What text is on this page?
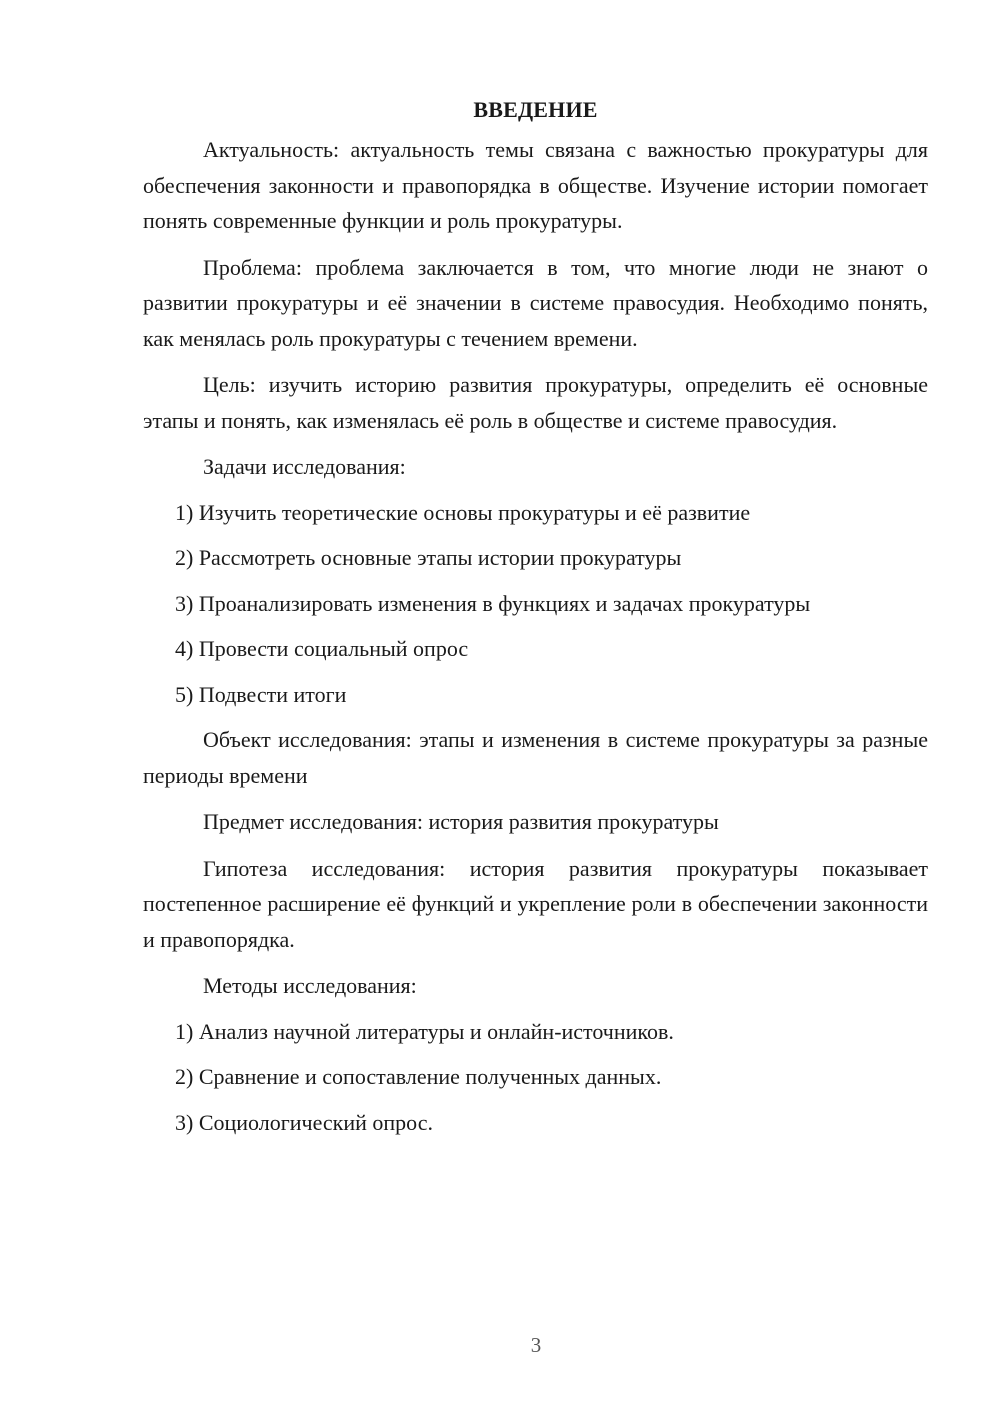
ВВЕДЕНИЕ

Актуальность: актуальность темы связана с важностью прокуратуры для обеспечения законности и правопорядка в обществе. Изучение истории помогает понять современные функции и роль прокуратуры.

Проблема: проблема заключается в том, что многие люди не знают о развитии прокуратуры и её значении в системе правосудия. Необходимо понять, как менялась роль прокуратуры с течением времени.

Цель: изучить историю развития прокуратуры, определить её основные этапы и понять, как изменялась её роль в обществе и системе правосудия.

Задачи исследования:

1) Изучить теоретические основы прокуратуры и её развитие
2) Рассмотреть основные этапы истории прокуратуры
3) Проанализировать изменения в функциях и задачах прокуратуры
4) Провести социальный опрос
5) Подвести итоги

Объект исследования: этапы и изменения в системе прокуратуры за разные периоды времени

Предмет исследования: история развития прокуратуры

Гипотеза исследования: история развития прокуратуры показывает постепенное расширение её функций и укрепление роли в обеспечении законности и правопорядка.

Методы исследования:

1) Анализ научной литературы и онлайн-источников.
2) Сравнение и сопоставление полученных данных.
3) Социологический опрос.
3
